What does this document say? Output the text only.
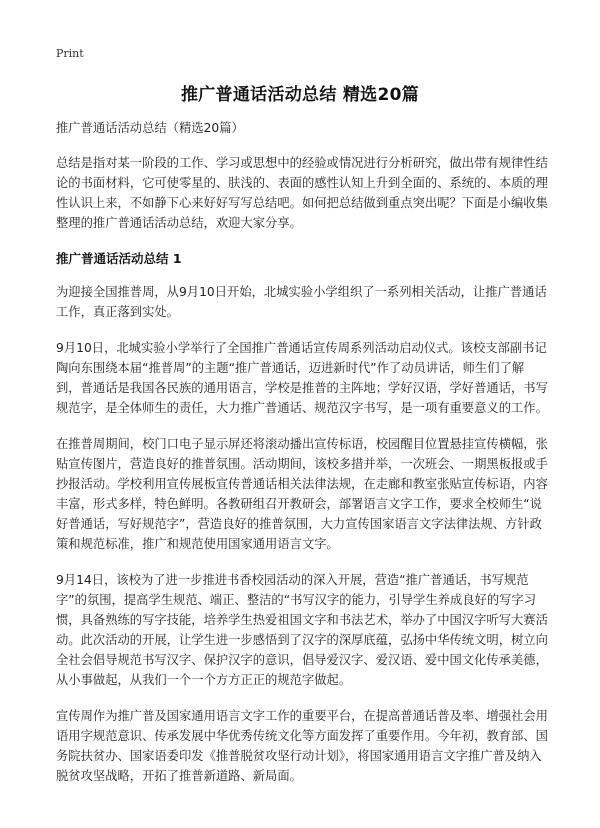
Print
推广普通话活动总结 精选20篇

推广普通话活动总结（精选20篇）

总结是指对某一阶段的工作、学习或思想中的经验或情况进行分析研究，做出带有规律性结论的书面材料，它可使零星的、肤浅的、表面的感性认知上升到全面的、系统的、本质的理性认识上来，不如静下心来好好写写总结吧。如何把总结做到重点突出呢？下面是小编收集整理的推广普通话活动总结，欢迎大家分享。

推广普通话活动总结 1

为迎接全国推普周，从9月10日开始，北城实验小学组织了一系列相关活动，让推广普通话工作，真正落到实处。

9月10日，北城实验小学举行了全国推广普通话宣传周系列活动启动仪式。该校支部副书记陶向东围绕本届“推普周”的主题“推广普通话，迈进新时代”作了动员讲话，师生们了解到，普通话是我国各民族的通用语言，学校是推普的主阵地；学好汉语，学好普通话，书写规范字，是全体师生的责任，大力推广普通话、规范汉字书写，是一项有重要意义的工作。

在推普周期间，校门口电子显示屏还将滚动播出宣传标语，校园醒目位置悬挂宣传横幅，张贴宣传图片，营造良好的推普氛围。活动期间，该校多措并举，一次班会、一期黑板报或手抄报活动。学校利用宣传展板宣传普通话相关法律法规，在走廊和教室张贴宣传标语，内容丰富，形式多样，特色鲜明。各教研组召开教研会，部署语言文字工作，要求全校师生“说好普通话，写好规范字”，营造良好的推普氛围，大力宣传国家语言文字法律法规、方针政策和规范标准，推广和规范使用国家通用语言文字。

9月14日，该校为了进一步推进书香校园活动的深入开展，营造“推广普通话，书写规范字”的氛围，提高学生规范、端正、整洁的“书写汉字的能力，引导学生养成良好的写字习惯，具备熟练的写字技能，培养学生热爱祖国文字和书法艺术，举办了中国汉字听写大赛活动。此次活动的开展，让学生进一步感悟到了汉字的深厚底蕴，弘扬中华传统文明，树立向全社会倡导规范书写汉字、保护汉字的意识，倡导爱汉字、爱汉语、爱中国文化传承美德，从小事做起，从我们一个一个方方正正的规范字做起。

宣传周作为推广普及国家通用语言文字工作的重要平台，在提高普通话普及率、增强社会用语用字规范意识、传承发展中华优秀传统文化等方面发挥了重要作用。今年初，教育部、国务院扶贫办、国家语委印发《推普脱贫攻坚行动计划》，将国家通用语言文字推广普及纳入脱贫攻坚战略，开拓了推普新道路、新局面。
